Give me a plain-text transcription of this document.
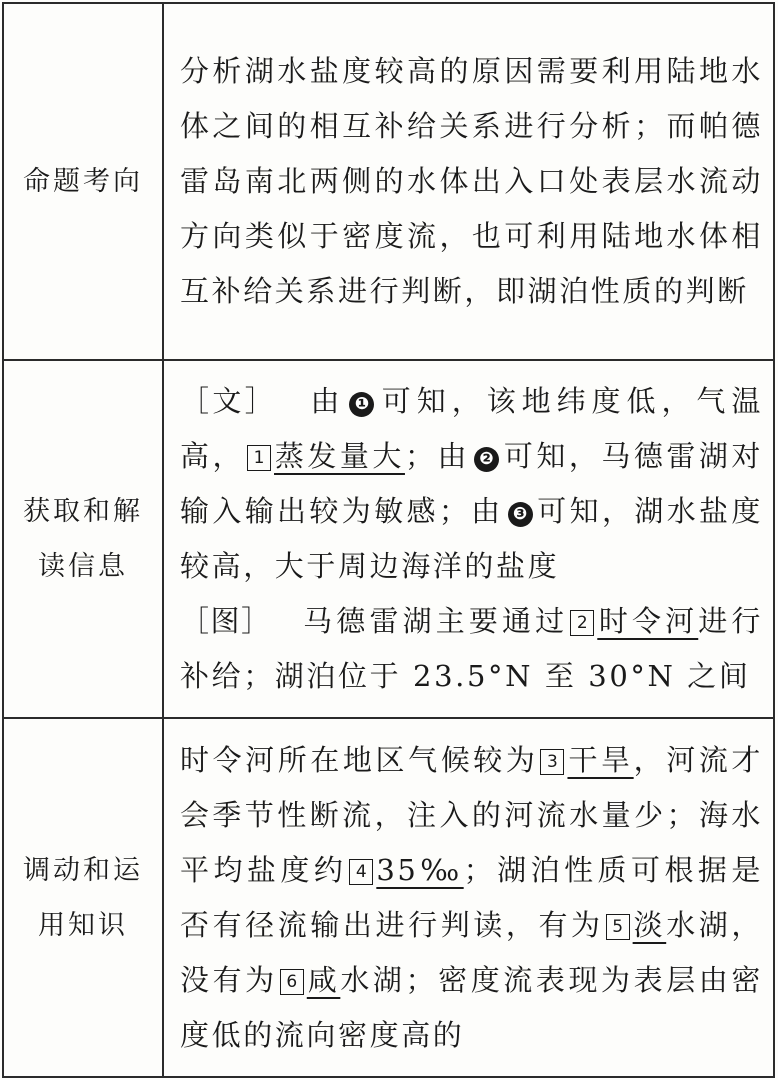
命题考向	分析湖水盐度较高的原因需要利用陆地水体之间的相互补给关系进行分析；而帕德雷岛南北两侧的水体出入口处表层水流动方向类似于密度流，也可利用陆地水体相互补给关系进行判断，即湖泊性质的判断

获取和解读信息	［文］ 由 ❶ 可知，该地纬度低，气温高， 1 蒸发量大；由 ❷ 可知，马德雷湖对输入输出较为敏感；由 ❸ 可知，湖水盐度较高，大于周边海洋的盐度
［图］ 马德雷湖主要通过 2 时令河进行补给；湖泊位于 23.5°N 至 30°N 之间

调动和运用知识	时令河所在地区气候较为 3 干旱，河流才会季节性断流，注入的河流水量少；海水平均盐度约 4 35‰；湖泊性质可根据是否有径流输出进行判读，有为 5 淡水湖，没有为 6 咸水湖；密度流表现为表层由密度低的流向密度高的
